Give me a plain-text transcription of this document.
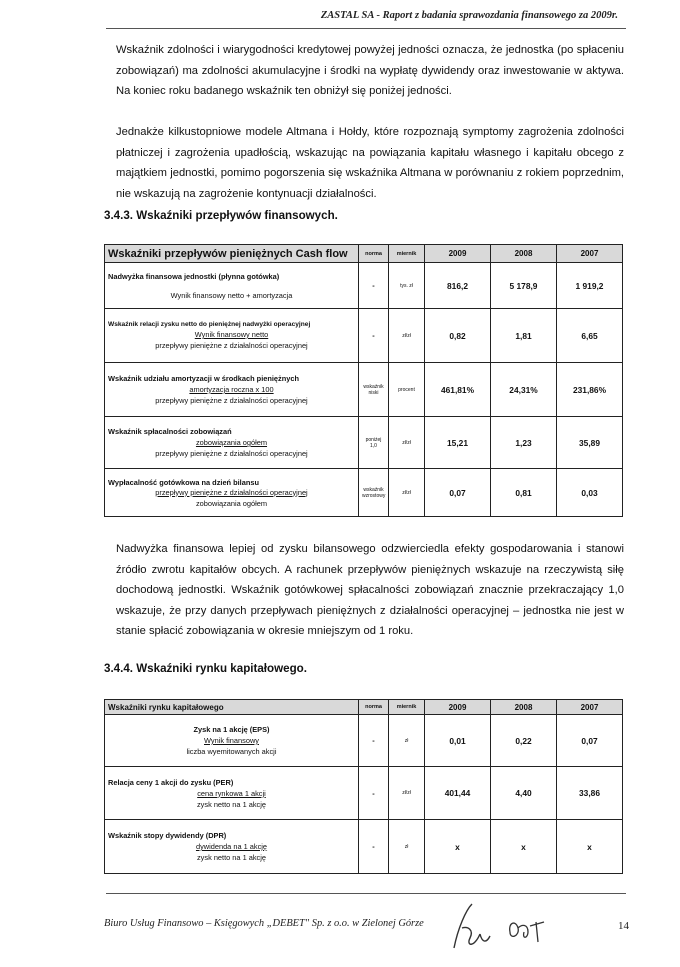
ZASTAL SA - Raport z badania sprawozdania finansowego za 2009r.
Wskaźnik zdolności i wiarygodności kredytowej powyżej jedności oznacza, że jednostka (po spłaceniu zobowiązań) ma zdolności akumulacyjne i środki na wypłatę dywidendy oraz inwestowanie w aktywa. Na koniec roku badanego wskaźnik ten obniżył się poniżej jedności.
Jednakże kilkustopniowe modele Altmana i Hołdy, które rozpoznają symptomy zagrożenia zdolności płatniczej i zagrożenia upadłością, wskazując na powiązania kapitału własnego i kapitału obcego z majątkiem jednostki, pomimo pogorszenia się wskaźnika Altmana w porównaniu z rokiem poprzednim, nie wskazują na zagrożenie kontynuacji działalności.
3.4.3. Wskaźniki przepływów finansowych.
Wskaźniki przepływów pieniężnych Cash flow	norma	miernik	2009	2008	2007

Nadwyżka finansowa jednostki (płynna gotówka)
Wynik finansowy netto + amortyzacja	-	tys. zł	816,2	5 178,9	1 919,2

Wskaźnik relacji zysku netto do pieniężnej nadwyżki operacyjnej
Wynik finansowy netto
przepływy pieniężne z działalności operacyjnej	-	zł/zł	0,82	1,81	6,65

Wskaźnik udziału amortyzacji w środkach pieniężnych
amortyzacja roczna x 100
przepływy pieniężne z działalności operacyjnej	wskaźnik niski	procent	461,81%	24,31%	231,86%

Wskaźnik spłacalności zobowiązań
zobowiązania ogółem
przepływy pieniężne z działalności operacyjnej	poniżej 1,0	zł/zł	15,21	1,23	35,89

Wypłacalność gotówkowa na dzień bilansu
przepływy pieniężne z działalności operacyjnej
zobowiązania ogółem	wskaźnik wzrostowy	zł/zł	0,07	0,81	0,03
Nadwyżka finansowa lepiej od zysku bilansowego odzwierciedla efekty gospodarowania i stanowi źródło zwrotu kapitałów obcych. A rachunek przepływów pieniężnych wskazuje na rzeczywistą siłę dochodową jednostki. Wskaźnik gotówkowej spłacalności zobowiązań znacznie przekraczający 1,0 wskazuje, że przy danych przepływach pieniężnych z działalności operacyjnej – jednostka nie jest w stanie spłacić zobowiązania w okresie mniejszym od 1 roku.
3.4.4. Wskaźniki rynku kapitałowego.
Wskaźniki rynku kapitałowego	norma	miernik	2009	2008	2007

Zysk na 1 akcję (EPS)
Wynik finansowy
liczba wyemitowanych akcji	-	zł	0,01	0,22	0,07

Relacja ceny 1 akcji do zysku (PER)
cena rynkowa 1 akcji
zysk netto na 1 akcję	-	zł/zł	401,44	4,40	33,86

Wskaźnik stopy dywidendy (DPR)
dywidenda na 1 akcję
zysk netto na 1 akcję	-	zł	x	x	x
Biuro Usług Finansowo – Księgowych „DEBET" Sp. z o.o. w Zielonej Górze	14
